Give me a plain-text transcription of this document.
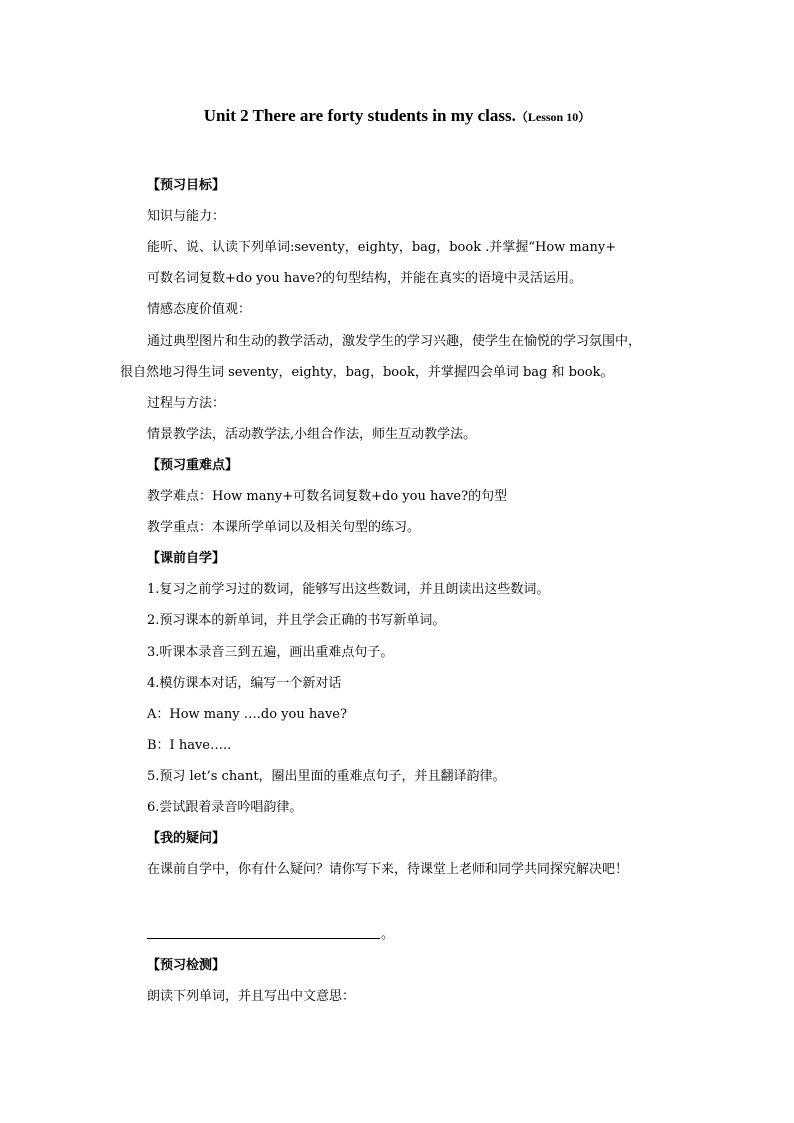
Unit 2 There are forty students in my class.（Lesson 10）
【预习目标】
知识与能力：
能听、说、认读下列单词:seventy，eighty，bag，book .并掌握“How many+
可数名词复数+do you have?的句型结构，并能在真实的语境中灵活运用。
情感态度价值观：
通过典型图片和生动的教学活动，激发学生的学习兴趣，使学生在愉悦的学习氛围中，
很自然地习得生词 seventy，eighty，bag，book，并掌握四会单词 bag 和 book。
过程与方法：
情景教学法，活动教学法,小组合作法，师生互动教学法。
【预习重难点】
教学难点：How many+可数名词复数+do you have?的句型
教学重点：本课所学单词以及相关句型的练习。
【课前自学】
1.复习之前学习过的数词，能够写出这些数词，并且朗读出这些数词。
2.预习课本的新单词，并且学会正确的书写新单词。
3.听课本录音三到五遍，画出重难点句子。
4.模仿课本对话，编写一个新对话
A：How many ….do you have?
B：I have…..
5.预习 let’s chant，圈出里面的重难点句子，并且翻译韵律。
6.尝试跟着录音吟唱韵律。
【我的疑问】
在课前自学中，你有什么疑问？请你写下来，待课堂上老师和同学共同探究解决吧！
。
【预习检测】
朗读下列单词，并且写出中文意思：
